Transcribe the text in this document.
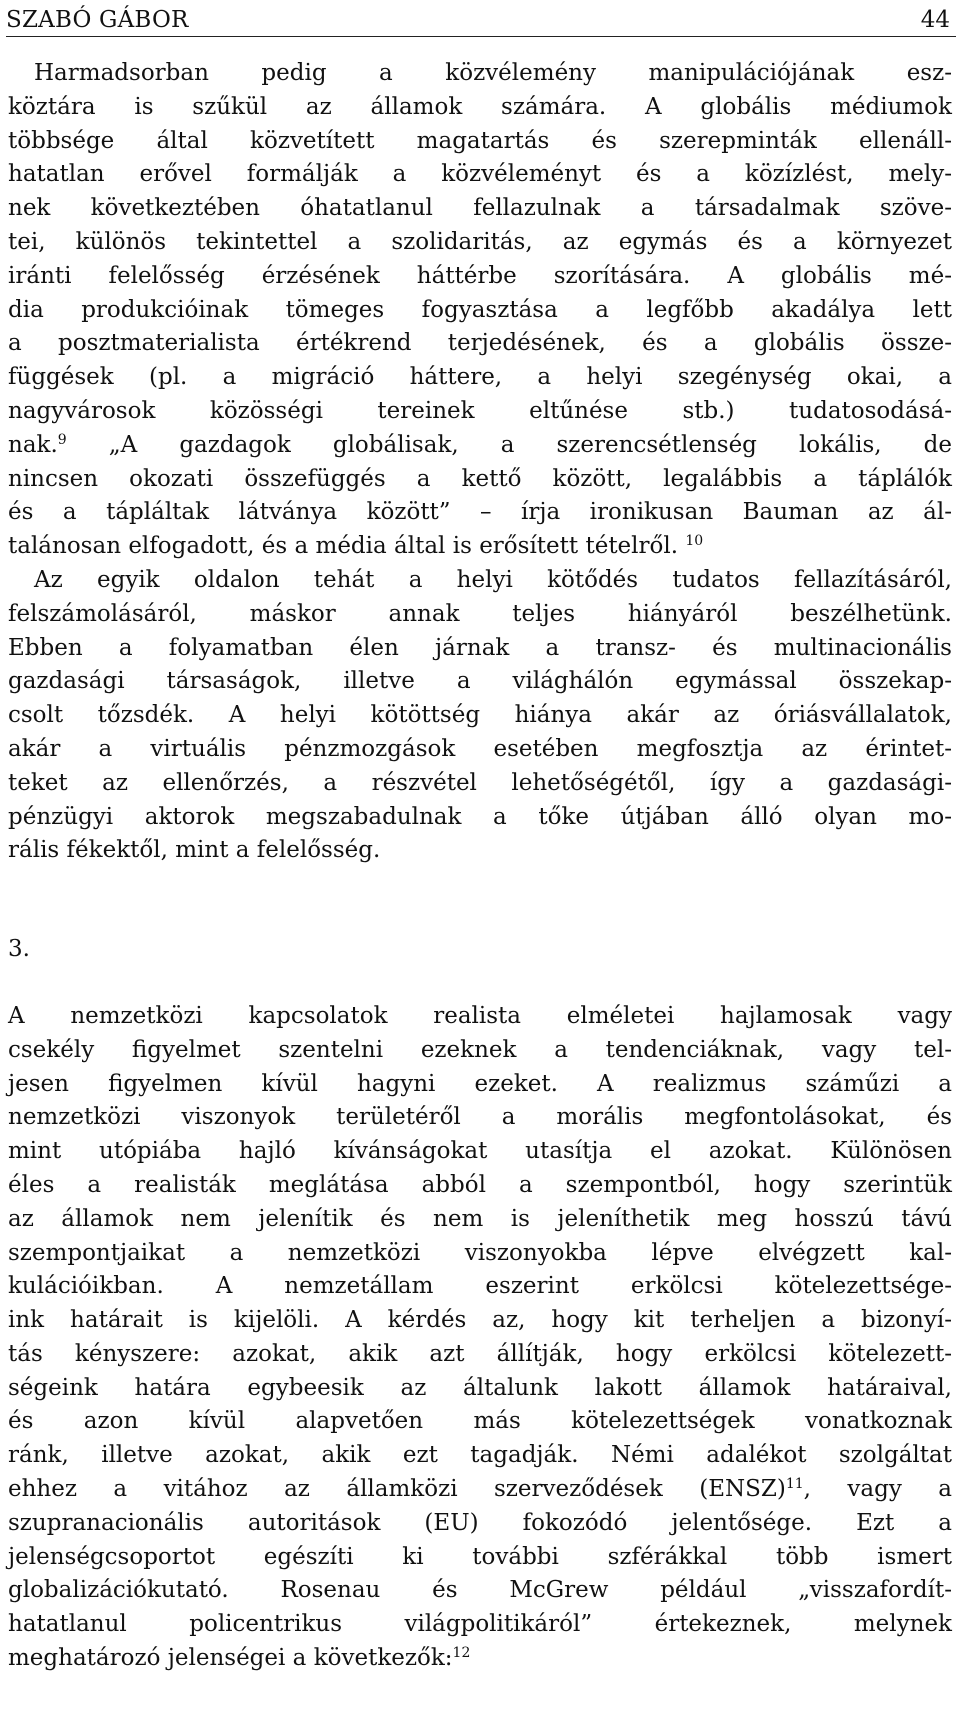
SZABÓ GÁBOR	44
Harmadsorban pedig a közvélemény manipulációjának esz-
köztára is szűkül az államok számára. A globális médiumok
többsége által közvetített magatartás és szerepminták ellenáll-
hatatlan erővel formálják a közvéleményt és a közízlést, mely-
nek következtében óhatatlanul fellazulnak a társadalmak szöve-
tei, különös tekintettel a szolidaritás, az egymás és a környezet
iránti felelősség érzésének háttérbe szorítására. A globális mé-
dia produkcióinak tömeges fogyasztása a legfőbb akadálya lett
a posztmaterialista értékrend terjedésének, és a globális össze-
függések (pl. a migráció háttere, a helyi szegénység okai, a
nagyvárosok közösségi tereinek eltűnése stb.) tudatosodásá-
nak.$^9$ „A gazdagok globálisak, a szerencsétlenség lokális, de
nincsen okozati összefüggés a kettő között, legalábbis a táplálók
és a tápláltak látványa között” – írja ironikusan Bauman az ál-
talánosan elfogadott, és a média által is erősített tételről. $^{10}$
Az egyik oldalon tehát a helyi kötődés tudatos fellazításáról,
felszámolásáról, máskor annak teljes hiányáról beszélhetünk.
Ebben a folyamatban élen járnak a transz- és multinacionális
gazdasági társaságok, illetve a világhálón egymással összekap-
csolt tőzsdék. A helyi kötöttség hiánya akár az óriásvállalatok,
akár a virtuális pénzmozgások esetében megfosztja az érintet-
teket az ellenőrzés, a részvétel lehetőségétől, így a gazdasági-
pénzügyi aktorok megszabadulnak a tőke útjában álló olyan mo-
rális fékektől, mint a felelősség.
3.
A nemzetközi kapcsolatok realista elméletei hajlamosak vagy
csekély figyelmet szentelni ezeknek a tendenciáknak, vagy tel-
jesen figyelmen kívül hagyni ezeket. A realizmus száműzi a
nemzetközi viszonyok területéről a morális megfontolásokat, és
mint utópiába hajló kívánságokat utasítja el azokat. Különösen
éles a realisták meglátása abból a szempontból, hogy szerintük
az államok nem jelenítik és nem is jeleníthetik meg hosszú távú
szempontjaikat a nemzetközi viszonyokba lépve elvégzett kal-
kulációikban. A nemzetállam eszerint erkölcsi kötelezettsége-
ink határait is kijelöli. A kérdés az, hogy kit terheljen a bizonyí-
tás kényszere: azokat, akik azt állítják, hogy erkölcsi kötelezett-
ségeink határa egybeesik az általunk lakott államok határaival,
és azon kívül alapvetően más kötelezettségek vonatkoznak
ránk, illetve azokat, akik ezt tagadják. Némi adalékot szolgáltat
ehhez a vitához az államközi szerveződések (ENSZ)$^{11}$, vagy a
szupranacionális autoritások (EU) fokozódó jelentősége. Ezt a
jelenségcsoportot egészíti ki további szférákkal több ismert
globalizációkutató. Rosenau és McGrew például „visszafordít-
hatatlanul policentrikus világpolitikáról” értekeznek, melynek
meghatározó jelenségei a következők:$^{12}$
